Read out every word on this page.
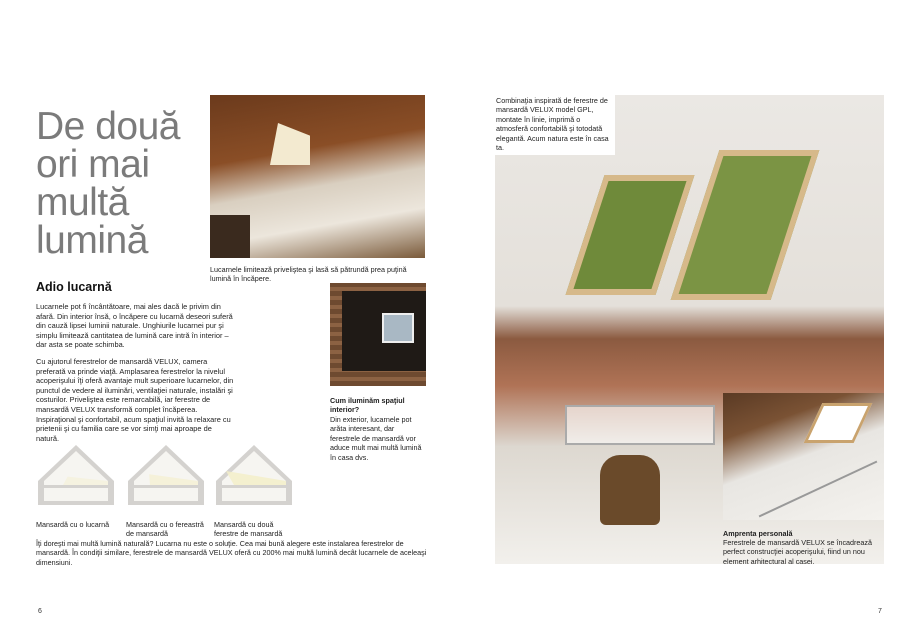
De două ori mai multă lumină
Lucarnele limitează priveliştea şi lasă să pătrundă prea puţină lumină în încăpere.
Adio lucarnă
Lucarnele pot fi încântătoare, mai ales dacă le privim din afară. Din interior însă, o încăpere cu lucarnă deseori suferă din cauză lipsei luminii naturale. Unghiurile lucarnei pur şi simplu limitează cantitatea de lumină care intră în interior – dar asta se poate schimba.
Cu ajutorul ferestrelor de mansardă VELUX, camera preferată va prinde viaţă. Amplasarea ferestrelor la nivelul acoperişului îţi oferă avantaje mult superioare lucarnelor, din punctul de vedere al iluminări, ventilaţiei naturale, instalări şi costurilor. Priveliştea este remarcabilă, iar ferestre de mansardă VELUX transformă complet încăperea. Inspiraţional şi confortabil, acum spaţiul invită la relaxare cu prietenii şi cu familia care se vor simţi mai aproape de natură.
Mansardă cu o lucarnă	Mansardă cu o fereastră de mansardă
Mansardă cu două ferestre de mansardă
Îţi doreşti mai multă lumină naturală? Lucarna nu este o soluţie. Cea mai bună alegere este instalarea ferestrelor de mansardă. În condiţii similare, ferestrele de mansardă VELUX oferă cu 200% mai multă lumină decât lucarnele de aceleaşi dimensiuni.
Cum iluminăm spaţiul interior?
Din exterior, lucarnele pot arăta interesant, dar ferestrele de mansardă vor aduce mult mai multă lumină în casa dvs.
6
Combinaţia inspirată de ferestre de mansardă VELUX model GPL, montate în linie, imprimă o atmosferă confortabilă şi totodată elegantă. Acum natura este în casa ta.
Amprenta personală
Ferestrele de mansardă VELUX se încadrează perfect construcţiei acoperişului, fiind un nou element arhitectural al casei.
7
